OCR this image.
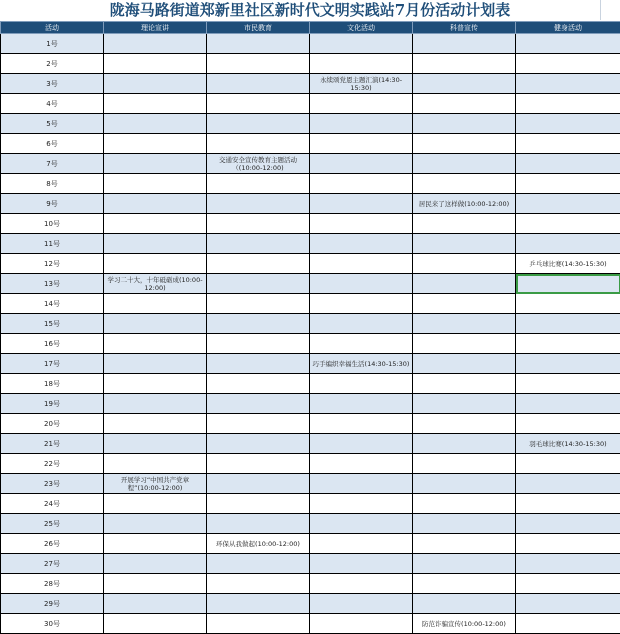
陇海马路街道郑新里社区新时代文明实践站7月份活动计划表
活动	理论宣讲	市民教育	文化活动	科普宣传	健身活动
1号	

2号	

3号			永续颂党恩主题汇演(14:30-15:30)		

4号	

5号	

6号	

7号		交通安全宣传教育主题活动（(10:00-12:00)			

8号	

9号				居民来了这样做(10:00-12:00)	

10号	

11号	

12号					乒乓球比赛(14:30-15:30)

13号	学习二十大，十年砥砺成(10:00-12:00)				

14号	

15号	

16号	

17号			巧手编织幸福生活(14:30-15:30)		

18号	

19号	

20号	

21号					羽毛球比赛(14:30-15:30)

22号	

23号	开展学习“中国共产党章程”(10:00-12:00)				

24号	

25号	

26号		环保从我做起(10:00-12:00)			

27号	

28号	

29号	

30号				防范诈骗宣传(10:00-12:00)	
